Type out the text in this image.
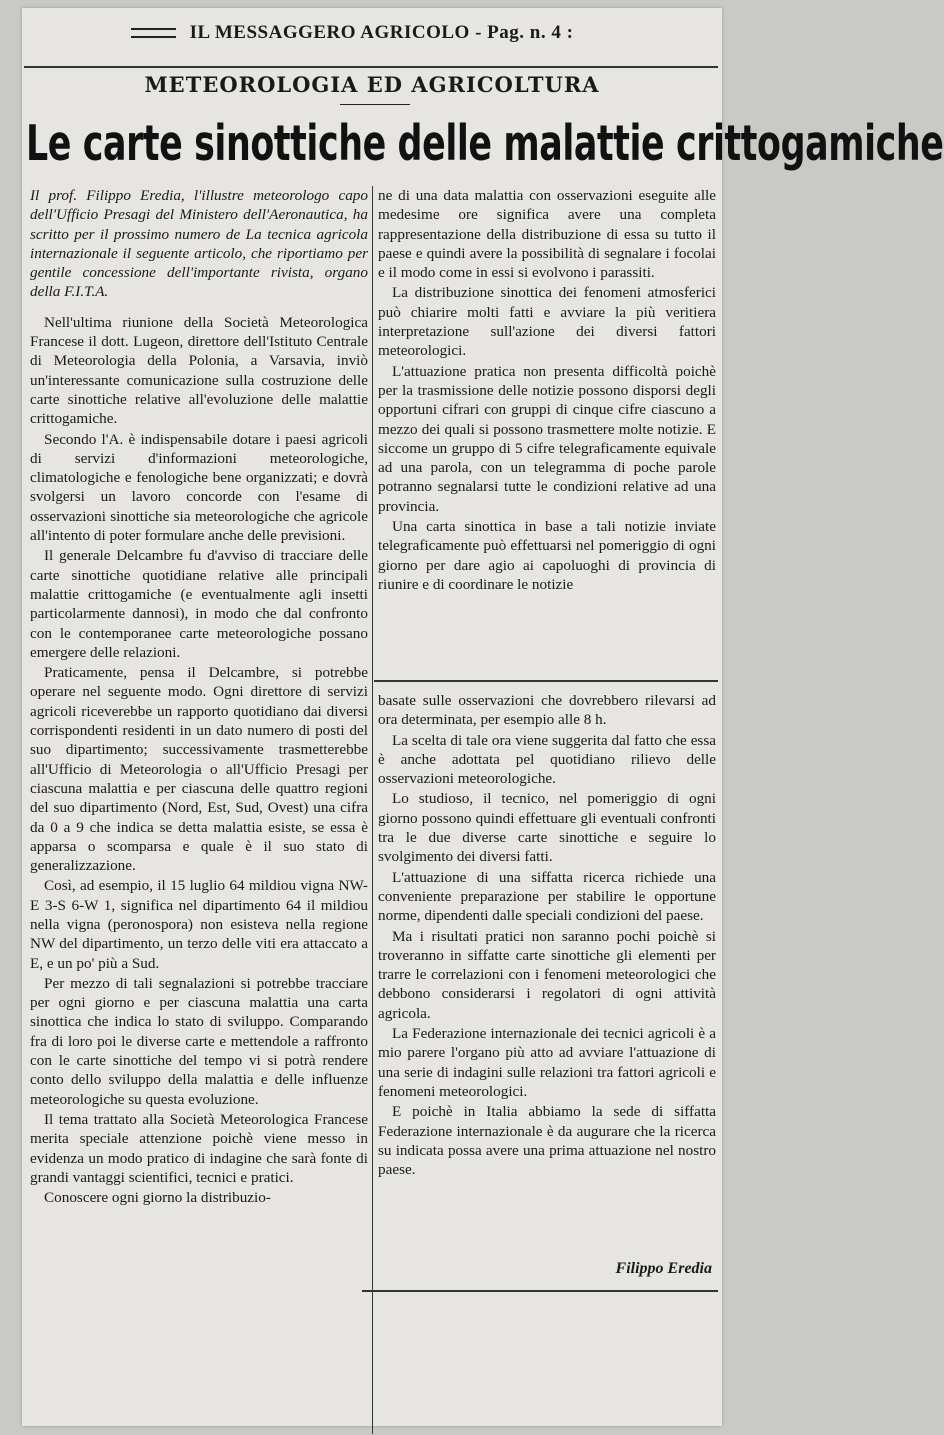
IL MESSAGGERO AGRICOLO - Pag. n. 4 :
METEOROLOGIA ED AGRICOLTURA
Le carte sinottiche delle malattie crittogamiche

Il prof. Filippo Eredia, l'illustre meteorologo capo dell'Ufficio Presagi del Ministero dell'Aeronautica, ha scritto per il prossimo numero de La tecnica agricola internazionale il seguente articolo, che riportiamo per gentile concessione dell'importante rivista, organo della F.I.T.A.

Nell'ultima riunione della Società Meteorologica Francese il dott. Lugeon, direttore dell'Istituto Centrale di Meteorologia della Polonia, a Varsavia, inviò un'interessante comunicazione sulla costruzione delle carte sinottiche relative all'evoluzione delle malattie crittogamiche.

Secondo l'A. è indispensabile dotare i paesi agricoli di servizi d'informazioni meteorologiche, climatologiche e fenologiche bene organizzati; e dovrà svolgersi un lavoro concorde con l'esame di osservazioni sinottiche sia meteorologiche che agricole all'intento di poter formulare anche delle previsioni.

Il generale Delcambre fu d'avviso di tracciare delle carte sinottiche quotidiane relative alle principali malattie crittogamiche (e eventualmente agli insetti particolarmente dannosi), in modo che dal confronto con le contemporanee carte meteorologiche possano emergere delle relazioni.

Praticamente, pensa il Delcambre, si potrebbe operare nel seguente modo. Ogni direttore di servizi agricoli riceverebbe un rapporto quotidiano dai diversi corrispondenti residenti in un dato numero di posti del suo dipartimento; successivamente trasmetterebbe all'Ufficio di Meteorologia o all'Ufficio Presagi per ciascuna malattia e per ciascuna delle quattro regioni del suo dipartimento (Nord, Est, Sud, Ovest) una cifra da 0 a 9 che indica se detta malattia esiste, se essa è apparsa o scomparsa e quale è il suo stato di generalizzazione.

Così, ad esempio, il 15 luglio 64 mildiou vigna NW-E 3-S 6-W 1, significa nel dipartimento 64 il mildiou nella vigna (peronospora) non esisteva nella regione NW del dipartimento, un terzo delle viti era attaccato a E, e un po' più a Sud.

Per mezzo di tali segnalazioni si potrebbe tracciare per ogni giorno e per ciascuna malattia una carta sinottica che indica lo stato di sviluppo. Comparando fra di loro poi le diverse carte e mettendole a raffronto con le carte sinottiche del tempo vi si potrà rendere conto dello sviluppo della malattia e delle influenze meteorologiche su questa evoluzione.

Il tema trattato alla Società Meteorologica Francese merita speciale attenzione poichè viene messo in evidenza un modo pratico di indagine che sarà fonte di grandi vantaggi scientifici, tecnici e pratici.

Conoscere ogni giorno la distribuzio-

ne di una data malattia con osservazioni eseguite alle medesime ore significa avere una completa rappresentazione della distribuzione di essa su tutto il paese e quindi avere la possibilità di segnalare i focolai e il modo come in essi si evolvono i parassiti.

La distribuzione sinottica dei fenomeni atmosferici può chiarire molti fatti e avviare la più veritiera interpretazione sull'azione dei diversi fattori meteorologici.

L'attuazione pratica non presenta difficoltà poichè per la trasmissione delle notizie possono disporsi degli opportuni cifrari con gruppi di cinque cifre ciascuno a mezzo dei quali si possono trasmettere molte notizie. E siccome un gruppo di 5 cifre telegraficamente equivale ad una parola, con un telegramma di poche parole potranno segnalarsi tutte le condizioni relative ad una provincia.

Una carta sinottica in base a tali notizie inviate telegraficamente può effettuarsi nel pomeriggio di ogni giorno per dare agio ai capoluoghi di provincia di riunire e di coordinare le notizie

basate sulle osservazioni che dovrebbero rilevarsi ad ora determinata, per esempio alle 8 h.

La scelta di tale ora viene suggerita dal fatto che essa è anche adottata pel quotidiano rilievo delle osservazioni meteorologiche.

Lo studioso, il tecnico, nel pomeriggio di ogni giorno possono quindi effettuare gli eventuali confronti tra le due diverse carte sinottiche e seguire lo svolgimento dei diversi fatti.

L'attuazione di una siffatta ricerca richiede una conveniente preparazione per stabilire le opportune norme, dipendenti dalle speciali condizioni del paese.

Ma i risultati pratici non saranno pochi poichè si troveranno in siffatte carte sinottiche gli elementi per trarre le correlazioni con i fenomeni meteorologici che debbono considerarsi i regolatori di ogni attività agricola.

La Federazione internazionale dei tecnici agricoli è a mio parere l'organo più atto ad avviare l'attuazione di una serie di indagini sulle relazioni tra fattori agricoli e fenomeni meteorologici.

E poichè in Italia abbiamo la sede di siffatta Federazione internazionale è da augurare che la ricerca su indicata possa avere una prima attuazione nel nostro paese.

Filippo Eredia
